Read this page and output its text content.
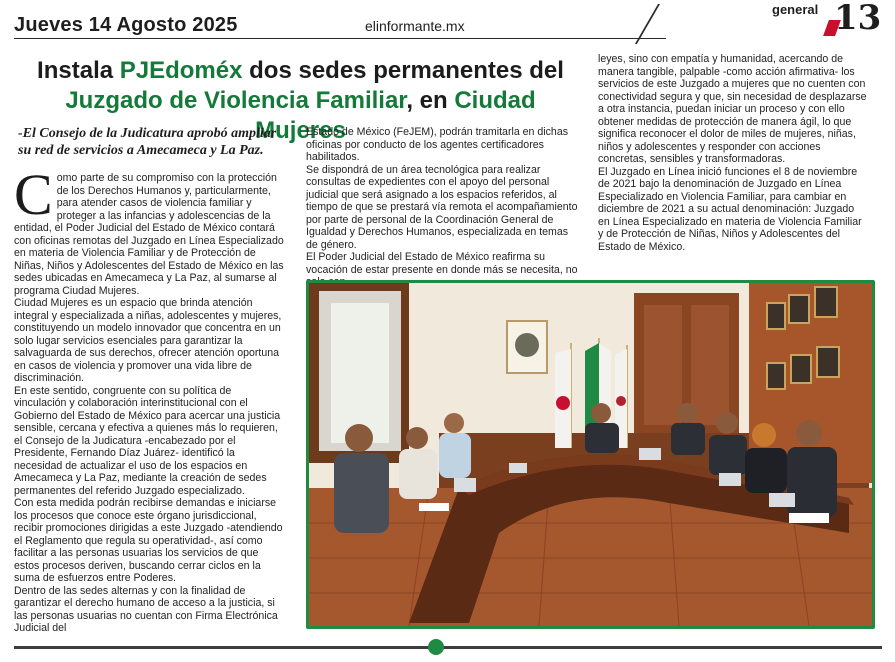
Jueves 14 Agosto 2025	elinformante.mx
general 13
Instala PJEdoméx dos sedes permanentes del
Juzgado de Violencia Familiar, en Ciudad Mujeres
-El Consejo de la Judicatura aprobó ampliar su red de servicios a Amecameca y La Paz.

Como parte de su compromiso con la protección de los Derechos Humanos y, particularmente, para atender casos de violencia familiar y proteger a las infancias y adolescencias de la entidad, el Poder Judicial del Estado de México contará con oficinas remotas del Juzgado en Línea Especializado en materia de Violencia Familiar y de Protección de Niñas, Niños y Adolescentes del Estado de México en las sedes ubicadas en Amecameca y La Paz, al sumarse al programa Ciudad Mujeres.

Ciudad Mujeres es un espacio que brinda atención integral y especializada a niñas, adolescentes y mujeres, constituyendo un modelo innovador que concentra en un solo lugar servicios esenciales para garantizar la salvaguarda de sus derechos, ofrecer atención oportuna en casos de violencia y promover una vida libre de discriminación.

En este sentido, congruente con su política de vinculación y colaboración interinstitucional con el Gobierno del Estado de México para acercar una justicia sensible, cercana y efectiva a quienes más lo requieren, el Consejo de la Judicatura -encabezado por el Presidente, Fernando Díaz Juárez- identificó la necesidad de actualizar el uso de los espacios en Amecameca y La Paz, mediante la creación de sedes permanentes del referido Juzgado especializado.

Con esta medida podrán recibirse demandas e iniciarse los procesos que conoce este órgano jurisdiccional, recibir promociones dirigidas a este Juzgado -atendiendo el Reglamento que regula su operatividad-, así como facilitar a las personas usuarias los servicios de que estos procesos deriven, buscando cerrar ciclos en la suma de esfuerzos entre Poderes.

Dentro de las sedes alternas y con la finalidad de garantizar el derecho humano de acceso a la justicia, si las personas usuarias no cuentan con Firma Electrónica Judicial del

Estado de México (FeJEM), podrán tramitarla en dichas oficinas por conducto de los agentes certificadores habilitados.

Se dispondrá de un área tecnológica para realizar consultas de expedientes con el apoyo del personal judicial que será asignado a los espacios referidos, al tiempo de que se prestará vía remota el acompañamiento por parte de personal de la Coordinación General de Igualdad y Derechos Humanos, especializada en temas de género.

El Poder Judicial del Estado de México reafirma su vocación de estar presente en donde más se necesita, no

leyes, sino con empatía y humanidad, acercando de manera tangible, palpable -como acción afirmativa- los servicios de este Juzgado a mujeres que no cuenten con conectividad segura y que, sin necesidad de desplazarse a otra instancia, puedan iniciar un proceso y con ello obtener medidas de protección de manera ágil, lo que significa reconocer el dolor de miles de mujeres, niñas, niños y adolescentes y responder con acciones concretas, sensibles y transformadoras.

El Juzgado en Línea inició funciones el 8 de noviembre de 2021 bajo la denominación de Juzgado en Línea Especializado en Violencia Familiar, para cambiar en diciembre de 2021 a su actual denominación: Juzgado en Línea Especializado en materia de Violencia Familiar y de Protección de Niñas, Niños y Adolescentes del Estado de México.
